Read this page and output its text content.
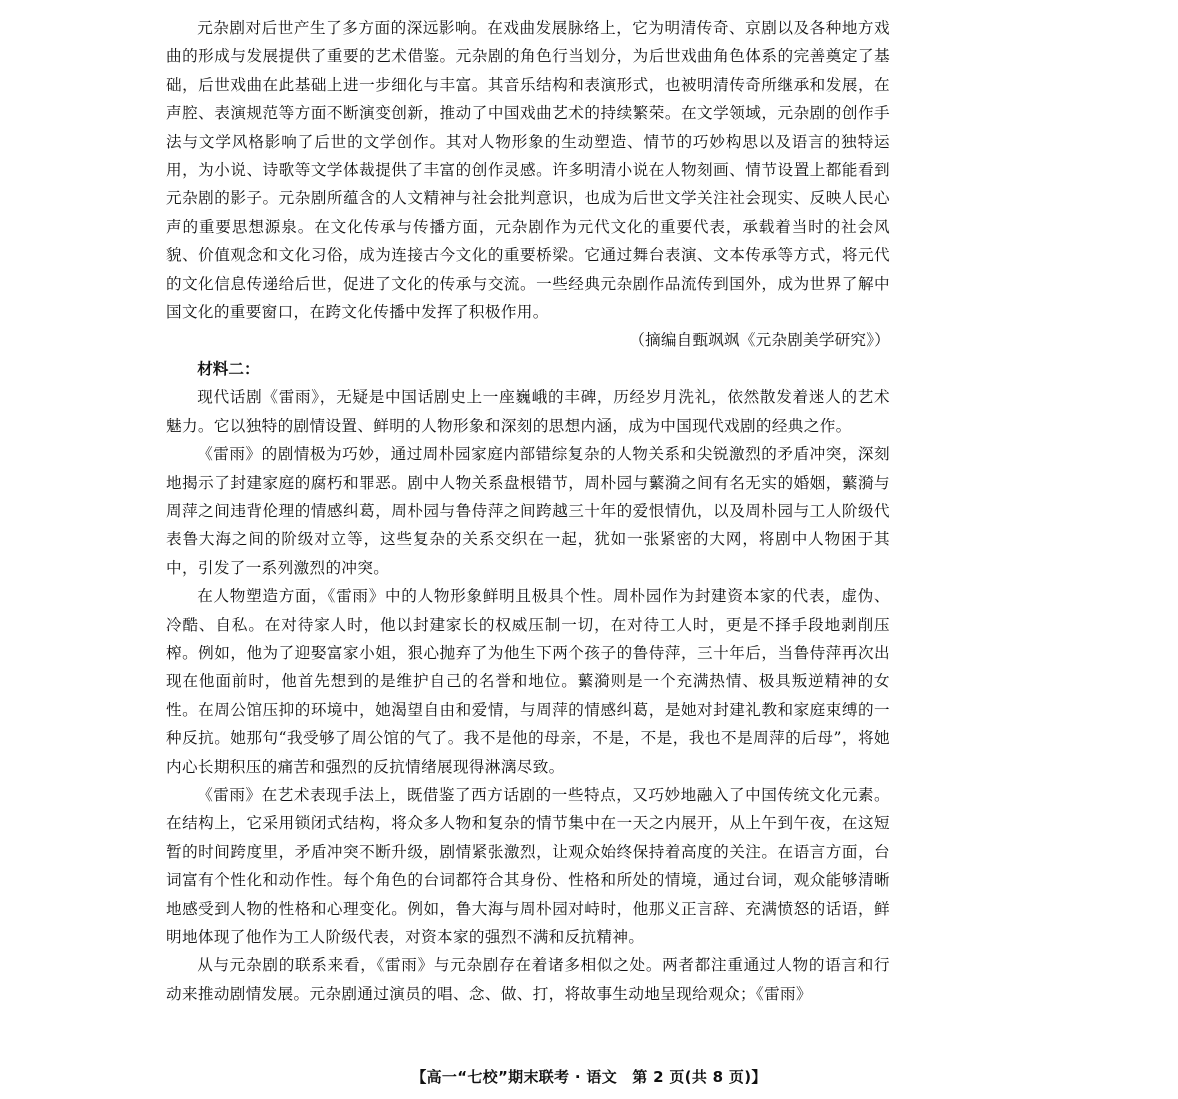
元杂剧对后世产生了多方面的深远影响。在戏曲发展脉络上，它为明清传奇、京剧以及各种地方戏曲的形成与发展提供了重要的艺术借鉴。元杂剧的角色行当划分，为后世戏曲角色体系的完善奠定了基础，后世戏曲在此基础上进一步细化与丰富。其音乐结构和表演形式，也被明清传奇所继承和发展，在声腔、表演规范等方面不断演变创新，推动了中国戏曲艺术的持续繁荣。在文学领域，元杂剧的创作手法与文学风格影响了后世的文学创作。其对人物形象的生动塑造、情节的巧妙构思以及语言的独特运用，为小说、诗歌等文学体裁提供了丰富的创作灵感。许多明清小说在人物刻画、情节设置上都能看到元杂剧的影子。元杂剧所蕴含的人文精神与社会批判意识，也成为后世文学关注社会现实、反映人民心声的重要思想源泉。在文化传承与传播方面，元杂剧作为元代文化的重要代表，承载着当时的社会风貌、价值观念和文化习俗，成为连接古今文化的重要桥梁。它通过舞台表演、文本传承等方式，将元代的文化信息传递给后世，促进了文化的传承与交流。一些经典元杂剧作品流传到国外，成为世界了解中国文化的重要窗口，在跨文化传播中发挥了积极作用。

（摘编自甄飒飒《元杂剧美学研究》）

材料二：

现代话剧《雷雨》，无疑是中国话剧史上一座巍峨的丰碑，历经岁月洗礼，依然散发着迷人的艺术魅力。它以独特的剧情设置、鲜明的人物形象和深刻的思想内涵，成为中国现代戏剧的经典之作。

《雷雨》的剧情极为巧妙，通过周朴园家庭内部错综复杂的人物关系和尖锐激烈的矛盾冲突，深刻地揭示了封建家庭的腐朽和罪恶。剧中人物关系盘根错节，周朴园与蘩漪之间有名无实的婚姻，蘩漪与周萍之间违背伦理的情感纠葛，周朴园与鲁侍萍之间跨越三十年的爱恨情仇，以及周朴园与工人阶级代表鲁大海之间的阶级对立等，这些复杂的关系交织在一起，犹如一张紧密的大网，将剧中人物困于其中，引发了一系列激烈的冲突。

在人物塑造方面，《雷雨》中的人物形象鲜明且极具个性。周朴园作为封建资本家的代表，虚伪、冷酷、自私。在对待家人时，他以封建家长的权威压制一切，在对待工人时，更是不择手段地剥削压榨。例如，他为了迎娶富家小姐，狠心抛弃了为他生下两个孩子的鲁侍萍，三十年后，当鲁侍萍再次出现在他面前时，他首先想到的是维护自己的名誉和地位。蘩漪则是一个充满热情、极具叛逆精神的女性。在周公馆压抑的环境中，她渴望自由和爱情，与周萍的情感纠葛，是她对封建礼教和家庭束缚的一种反抗。她那句“我受够了周公馆的气了。我不是他的母亲，不是，不是，我也不是周萍的后母”，将她内心长期积压的痛苦和强烈的反抗情绪展现得淋漓尽致。

《雷雨》在艺术表现手法上，既借鉴了西方话剧的一些特点，又巧妙地融入了中国传统文化元素。在结构上，它采用锁闭式结构，将众多人物和复杂的情节集中在一天之内展开，从上午到午夜，在这短暂的时间跨度里，矛盾冲突不断升级，剧情紧张激烈，让观众始终保持着高度的关注。在语言方面，台词富有个性化和动作性。每个角色的台词都符合其身份、性格和所处的情境，通过台词，观众能够清晰地感受到人物的性格和心理变化。例如，鲁大海与周朴园对峙时，他那义正言辞、充满愤怒的话语，鲜明地体现了他作为工人阶级代表，对资本家的强烈不满和反抗精神。

从与元杂剧的联系来看，《雷雨》与元杂剧存在着诸多相似之处。两者都注重通过人物的语言和行动来推动剧情发展。元杂剧通过演员的唱、念、做、打，将故事生动地呈现给观众；《雷雨》

【高一“七校”期末联考 · 语文　第 2 页(共 8 页)】
